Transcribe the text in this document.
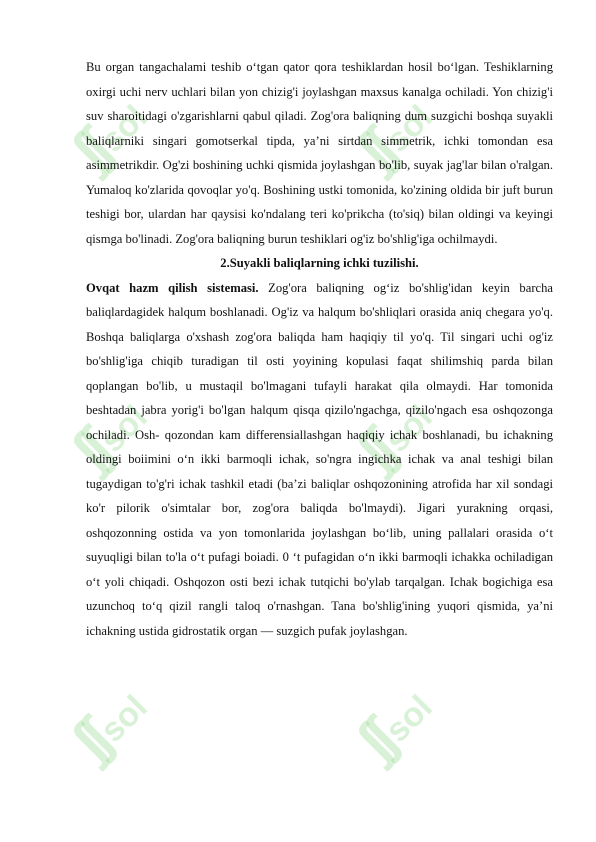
ʃʃsol	ʃʃsol
ʃʃsol	ʃʃsol
ʃʃsol	ʃʃsol

Bu organ tangachalami teshib o‘tgan qator qora teshiklardan hosil bo‘lgan. Teshiklarning oxirgi uchi nerv uchlari bilan yon chizig'i joylashgan maxsus kanalga ochiladi. Yon chizig'i suv sharoitidagi o'zgarishlarni qabul qiladi. Zog'ora baliqning dum suzgichi boshqa suyakli baliqlarniki singari gomotserkal tipda, ya’ni sirtdan simmetrik, ichki tomondan esa asimmetrikdir. Og'zi boshining uchki qismida joylashgan bo'lib, suyak jag'lar bilan o'ralgan. Yumaloq ko'zlarida qovoqlar yo'q. Boshining ustki tomonida, ko'zining oldida bir juft burun teshigi bor, ulardan har qaysisi ko'ndalang teri ko'prikcha (to'siq) bilan oldingi va keyingi qismga bo'linadi. Zog'ora baliqning burun teshiklari og'iz bo'shlig'iga ochilmaydi.

2.Suyakli baliqlarning ichki tuzilishi.

Ovqat hazm qilish sistemasi. Zog'ora baliqning og‘iz bo'shlig'idan keyin barcha baliqlardagidek halqum boshlanadi. Og'iz va halqum bo'shliqlari orasida aniq chegara yo'q. Boshqa baliqlarga o'xshash zog'ora baliqda ham haqiqiy til yo'q. Til singari uchi og'iz bo'shlig'iga chiqib turadigan til osti yoyining kopulasi faqat shilimshiq parda bilan qoplangan bo'lib, u mustaqil bo'lmagani tufayli harakat qila olmaydi. Har tomonida beshtadan jabra yorig'i bo'lgan halqum qisqa qizilo'ngachga, qizilo'ngach esa oshqozonga ochiladi. Osh- qozondan kam differensiallashgan haqiqiy ichak boshlanadi, bu ichakning oldingi boiimini o‘n ikki barmoqli ichak, so'ngra ingichka ichak va anal teshigi bilan tugaydigan to'g'ri ichak tashkil etadi (ba’zi baliqlar oshqozonining atrofida har xil sondagi ko'r pilorik o'simtalar bor, zog'ora baliqda bo'lmaydi). Jigari yurakning orqasi, oshqozonning ostida va yon tomonlarida joylashgan bo‘lib, uning pallalari orasida o‘t suyuqligi bilan to'la o‘t pufagi boiadi. 0 ‘t pufagidan o‘n ikki barmoqli ichakka ochiladigan o‘t yoli chiqadi. Oshqozon osti bezi ichak tutqichi bo'ylab tarqalgan. Ichak bogichiga esa uzunchoq to‘q qizil rangli taloq o'rnashgan. Tana bo'shlig'ining yuqori qismida, ya’ni ichakning ustida gidrostatik organ — suzgich pufak joylashgan.
